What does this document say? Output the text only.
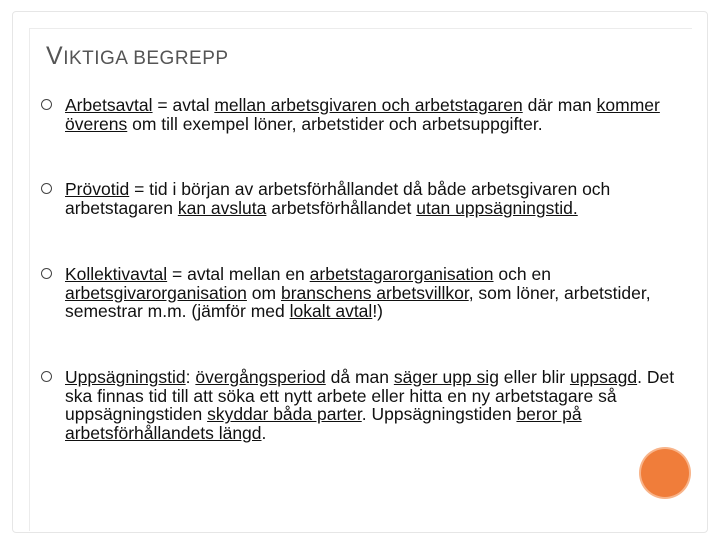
VIKTIGA BEGREPP
Arbetsavtal = avtal mellan arbetsgivaren och arbetstagaren där man kommer överens om till exempel löner, arbetstider och arbetsuppgifter.
Prövotid = tid i början av arbetsförhållandet då både arbetsgivaren och arbetstagaren kan avsluta arbetsförhållandet utan uppsägningstid.
Kollektivavtal = avtal mellan en arbetstagarorganisation och en arbetsgivarorganisation om branschens arbetsvillkor, som löner, arbetstider, semestrar m.m. (jämför med lokalt avtal!)
Uppsägningstid: övergångsperiod då man säger upp sig eller blir uppsagd. Det ska finnas tid till att söka ett nytt arbete eller hitta en ny arbetstagare så uppsägningstiden skyddar båda parter. Uppsägningstiden beror på arbetsförhållandets längd.
